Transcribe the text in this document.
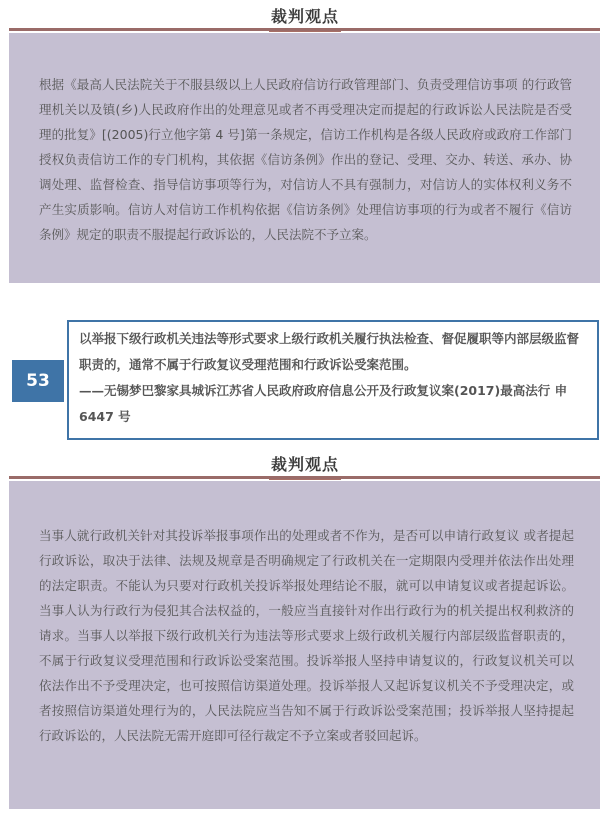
裁判观点

根据《最高人民法院关于不服县级以上人民政府信访行政管理部门、负责受理信访事项 的行政管理机关以及镇(乡)人民政府作出的处理意见或者不再受理决定而提起的行政诉讼人民法院是否受理的批复》[(2005)行立他字第 4 号]第一条规定，信访工作机构是各级人民政府或政府工作部门授权负责信访工作的专门机构，其依据《信访条例》作出的登记、受理、交办、转送、承办、协调处理、监督检查、指导信访事项等行为，对信访人不具有强制力，对信访人的实体权利义务不产生实质影响。信访人对信访工作机构依据《信访条例》处理信访事项的行为或者不履行《信访条例》规定的职责不服提起行政诉讼的，人民法院不予立案。

53
以举报下级行政机关违法等形式要求上级行政机关履行执法检查、督促履职等内部层级监督职责的，通常不属于行政复议受理范围和行政诉讼受案范围。
——无锡梦巴黎家具城诉江苏省人民政府政府信息公开及行政复议案(2017)最高法行 申 6447 号
裁判观点

当事人就行政机关针对其投诉举报事项作出的处理或者不作为，是否可以申请行政复议 或者提起行政诉讼，取决于法律、法规及规章是否明确规定了行政机关在一定期限内受理并依法作出处理的法定职责。不能认为只要对行政机关投诉举报处理结论不服，就可以申请复议或者提起诉讼。当事人认为行政行为侵犯其合法权益的，一般应当直接针对作出行政行为的机关提出权利救济的请求。当事人以举报下级行政机关行为违法等形式要求上级行政机关履行内部层级监督职责的，不属于行政复议受理范围和行政诉讼受案范围。投诉举报人坚持申请复议的，行政复议机关可以依法作出不予受理决定，也可按照信访渠道处理。投诉举报人又起诉复议机关不予受理决定，或者按照信访渠道处理行为的，人民法院应当告知不属于行政诉讼受案范围；投诉举报人坚持提起行政诉讼的，人民法院无需开庭即可径行裁定不予立案或者驳回起诉。
